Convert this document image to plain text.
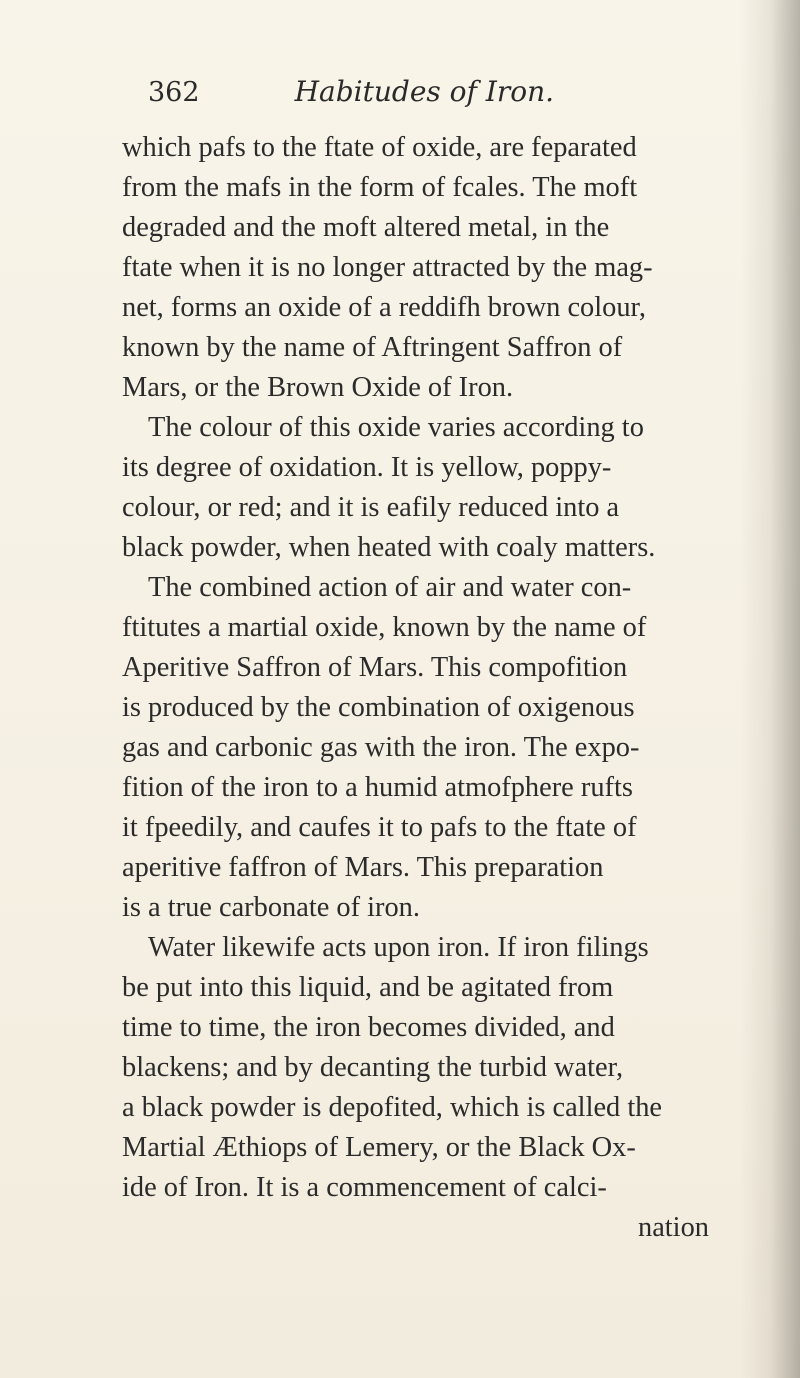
362	Habitudes of Iron.
which pafs to the ftate of oxide, are feparated
from the mafs in the form of fcales. The moft
degraded and the moft altered metal, in the
ftate when it is no longer attracted by the mag-
net, forms an oxide of a reddifh brown colour,
known by the name of Aftringent Saffron of
Mars, or the Brown Oxide of Iron.
The colour of this oxide varies according to
its degree of oxidation. It is yellow, poppy-
colour, or red; and it is eafily reduced into a
black powder, when heated with coaly matters.
The combined action of air and water con-
ftitutes a martial oxide, known by the name of
Aperitive Saffron of Mars. This compofition
is produced by the combination of oxigenous
gas and carbonic gas with the iron. The expo-
fition of the iron to a humid atmofphere rufts
it fpeedily, and caufes it to pafs to the ftate of
aperitive faffron of Mars. This preparation
is a true carbonate of iron.
Water likewife acts upon iron. If iron filings
be put into this liquid, and be agitated from
time to time, the iron becomes divided, and
blackens; and by decanting the turbid water,
a black powder is depofited, which is called the
Martial Æthiops of Lemery, or the Black Ox-
ide of Iron. It is a commencement of calci-
nation
